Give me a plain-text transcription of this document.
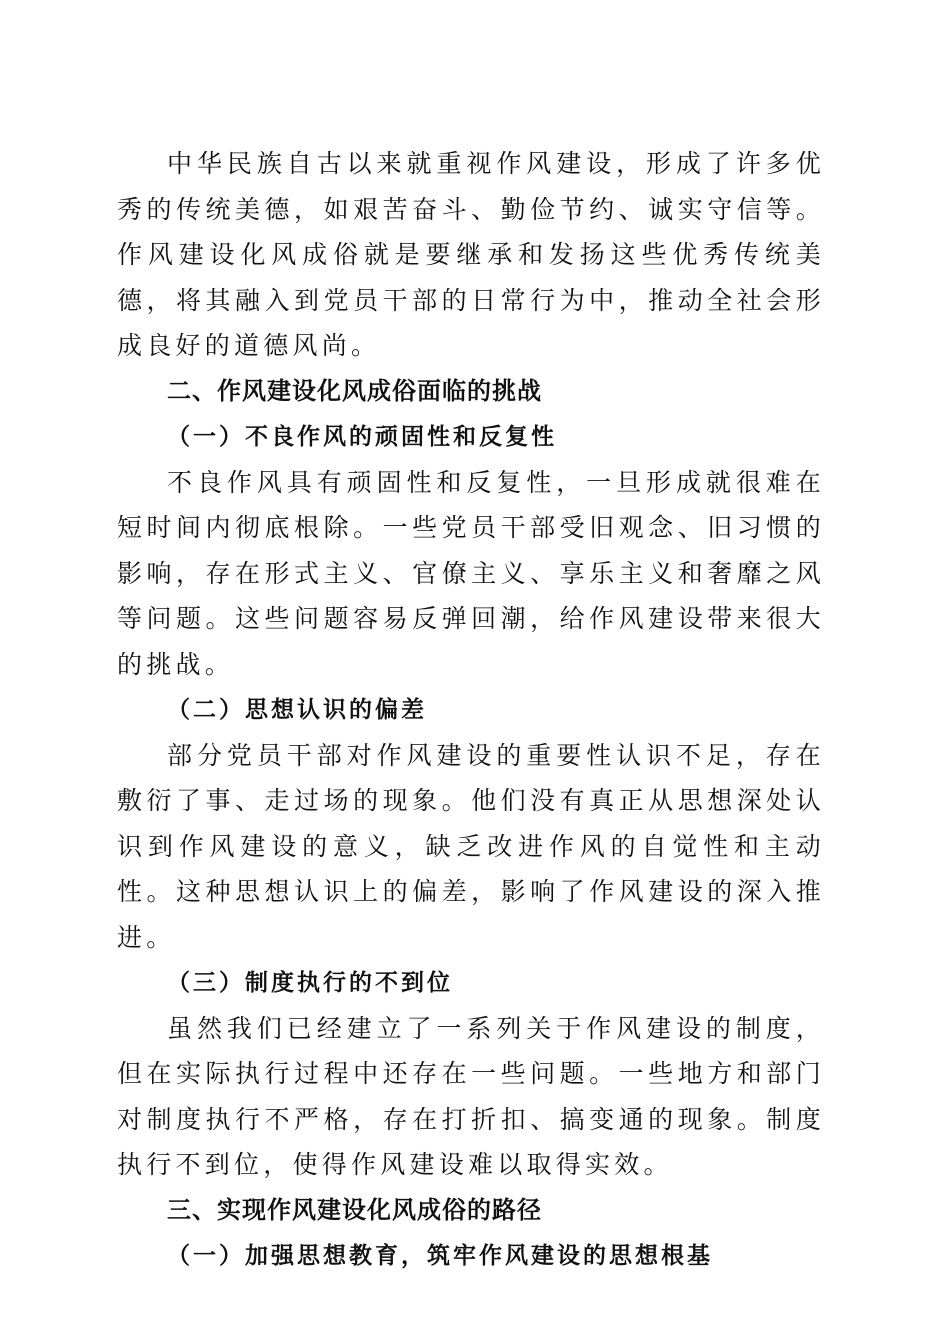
中华民族自古以来就重视作风建设，形成了许多优秀的传统美德，如艰苦奋斗、勤俭节约、诚实守信等。作风建设化风成俗就是要继承和发扬这些优秀传统美德，将其融入到党员干部的日常行为中，推动全社会形成良好的道德风尚。

二、作风建设化风成俗面临的挑战
（一）不良作风的顽固性和反复性

不良作风具有顽固性和反复性，一旦形成就很难在短时间内彻底根除。一些党员干部受旧观念、旧习惯的影响，存在形式主义、官僚主义、享乐主义和奢靡之风等问题。这些问题容易反弹回潮，给作风建设带来很大的挑战。

（二）思想认识的偏差

部分党员干部对作风建设的重要性认识不足，存在敷衍了事、走过场的现象。他们没有真正从思想深处认识到作风建设的意义，缺乏改进作风的自觉性和主动性。这种思想认识上的偏差，影响了作风建设的深入推进。

（三）制度执行的不到位

虽然我们已经建立了一系列关于作风建设的制度，但在实际执行过程中还存在一些问题。一些地方和部门对制度执行不严格，存在打折扣、搞变通的现象。制度执行不到位，使得作风建设难以取得实效。

三、实现作风建设化风成俗的路径
（一）加强思想教育，筑牢作风建设的思想根基
